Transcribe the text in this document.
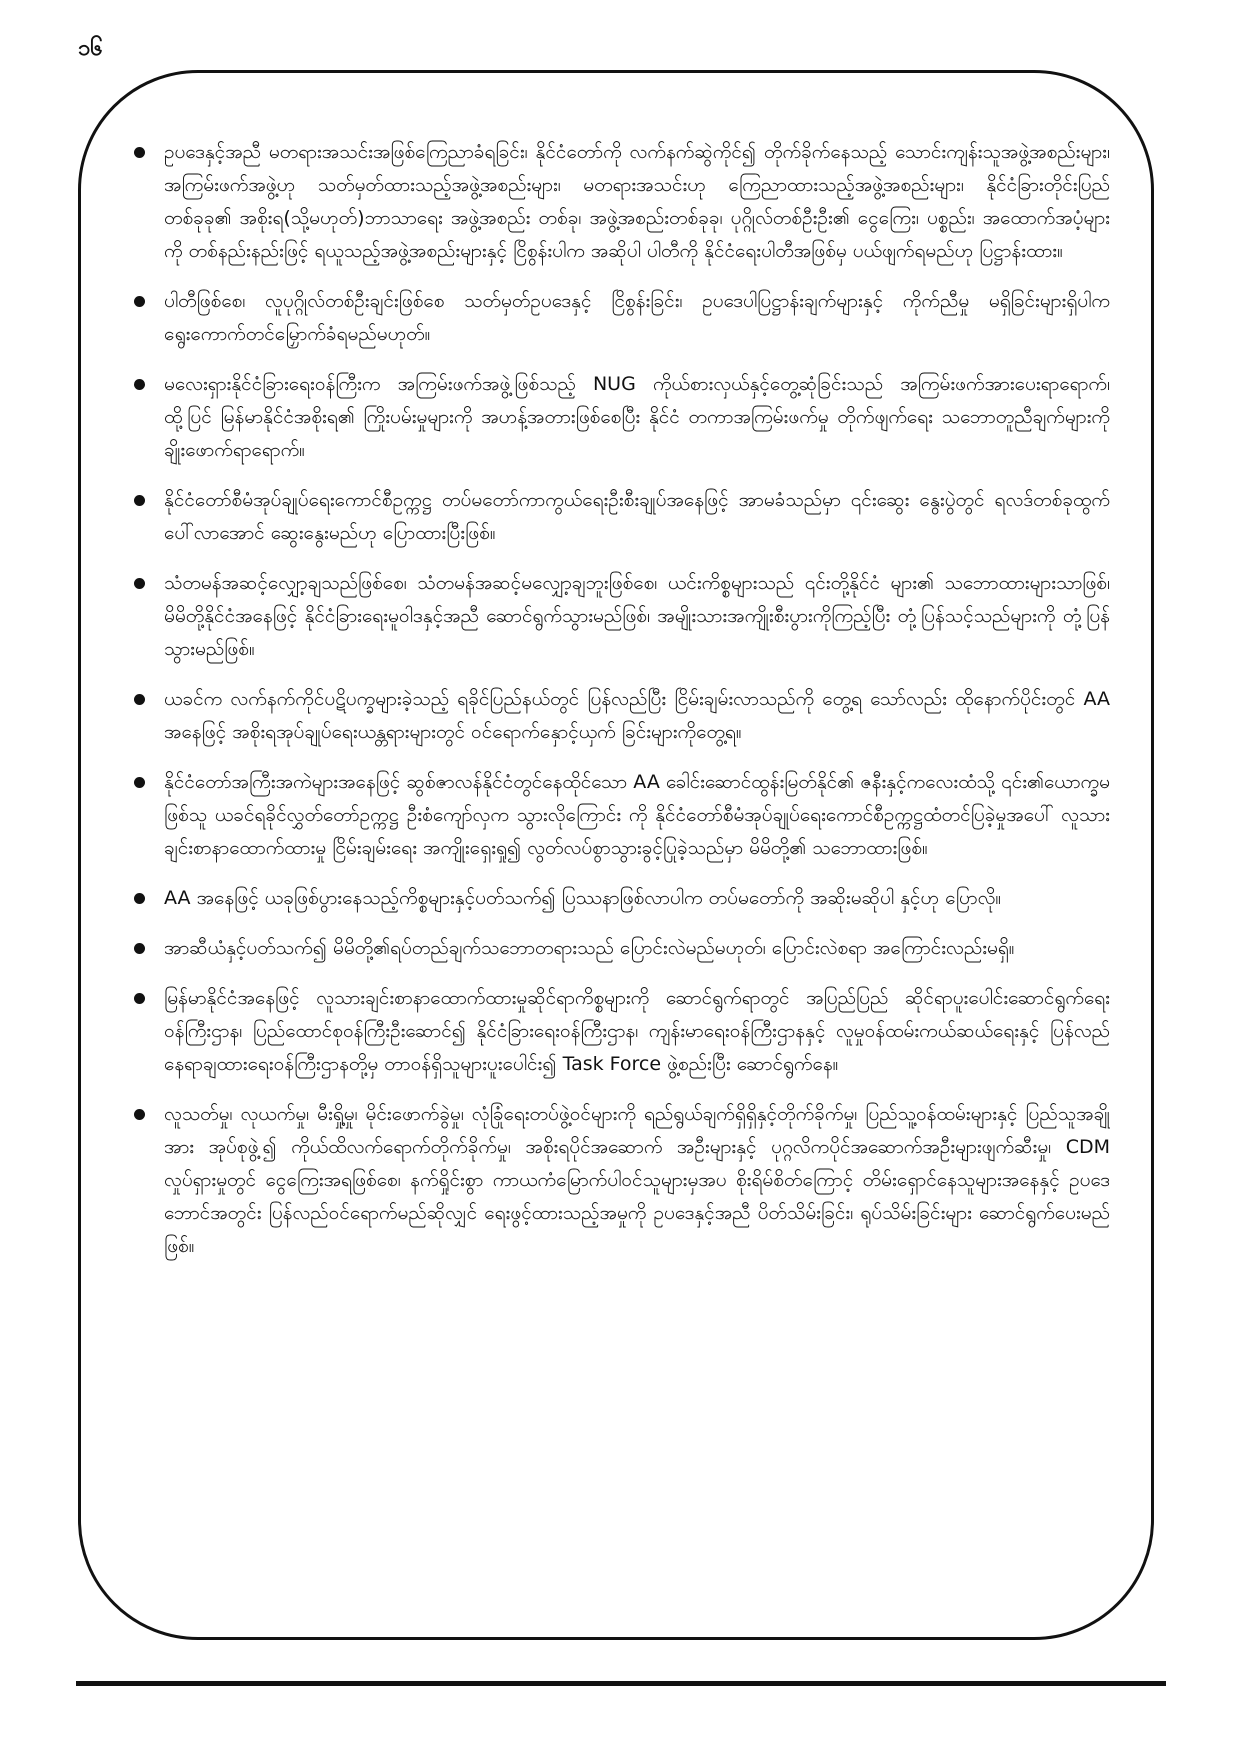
၁၆
ဥပဒေနှင့်အညီ မတရားအသင်းအဖြစ်ကြေညာခံရခြင်း၊ နိုင်ငံတော်ကို လက်နက်ဆွဲကိုင်၍ တိုက်ခိုက်နေသည့် သောင်းကျန်းသူအဖွဲ့အစည်းများ၊ အကြမ်းဖက်အဖွဲ့ဟု သတ်မှတ်ထားသည့်အဖွဲ့အစည်းများ၊ မတရားအသင်းဟု ကြေညာထားသည့်အဖွဲ့အစည်းများ၊ နိုင်ငံခြားတိုင်းပြည်တစ်ခုခု၏ အစိုးရ(သို့မဟုတ်)ဘာသာရေး အဖွဲ့အစည်း တစ်ခု၊ အဖွဲ့အစည်းတစ်ခုခု၊ ပုဂ္ဂိုလ်တစ်ဦးဦး၏ ငွေကြေး၊ ပစ္စည်း၊ အထောက်အပံ့များကို တစ်နည်းနည်းဖြင့် ရယူသည့်အဖွဲ့အစည်းများနှင့် ငြိစွန်းပါက အဆိုပါ ပါတီကို နိုင်ငံရေးပါတီအဖြစ်မှ ပယ်ဖျက်ရမည်ဟု ပြဋ္ဌာန်းထား။
ပါတီဖြစ်စေ၊ လူပုဂ္ဂိုလ်တစ်ဦးချင်းဖြစ်စေ သတ်မှတ်ဥပဒေနှင့် ငြိစွန်းခြင်း၊ ဥပဒေပါပြဋ္ဌာန်းချက်များနှင့် ကိုက်ညီမှု မရှိခြင်းများရှိပါက ရွေးကောက်တင်မြှောက်ခံရမည်မဟုတ်။
မလေးရှားနိုင်ငံခြားရေးဝန်ကြီးက အကြမ်းဖက်အဖွဲ့ဖြစ်သည့် NUG ကိုယ်စားလှယ်နှင့်တွေ့ဆုံခြင်းသည် အကြမ်းဖက်အားပေးရာရောက်၊ ထို့ပြင် မြန်မာနိုင်ငံအစိုးရ၏ ကြိုးပမ်းမှုများကို အဟန့်အတားဖြစ်စေပြီး နိုင်ငံ တကာအကြမ်းဖက်မှု တိုက်ဖျက်ရေး သဘောတူညီချက်များကို ချိုးဖောက်ရာရောက်။
နိုင်ငံတော်စီမံအုပ်ချုပ်ရေးကောင်စီဥက္ကဋ္ဌ တပ်မတော်ကာကွယ်ရေးဦးစီးချုပ်အနေဖြင့် အာမခံသည်မှာ ၎င်းဆွေး နွေးပွဲတွင် ရလဒ်တစ်ခုထွက်ပေါ်လာအောင် ဆွေးနွေးမည်ဟု ပြောထားပြီးဖြစ်။
သံတမန်အဆင့်လျှော့ချသည်ဖြစ်စေ၊ သံတမန်အဆင့်မလျှော့ချဘူးဖြစ်စေ၊ ယင်းကိစ္စများသည် ၎င်းတို့နိုင်ငံ များ၏ သဘောထားများသာဖြစ်၊ မိမိတို့နိုင်ငံအနေဖြင့် နိုင်ငံခြားရေးမူဝါဒနှင့်အညီ ဆောင်ရွက်သွားမည်ဖြစ်၊ အမျိုးသားအကျိုးစီးပွားကိုကြည့်ပြီး တုံ့ပြန်သင့်သည်များကို တုံ့ပြန်သွားမည်ဖြစ်။
ယခင်က လက်နက်ကိုင်ပဋိပက္ခများခဲ့သည့် ရခိုင်ပြည်နယ်တွင် ပြန်လည်ပြီး ငြိမ်းချမ်းလာသည်ကို တွေ့ရ သော်လည်း ထိုနောက်ပိုင်းတွင် AA အနေဖြင့် အစိုးရအုပ်ချုပ်ရေးယန္တရားများတွင် ဝင်ရောက်နှောင့်ယှက် ခြင်းများကိုတွေ့ရ။
နိုင်ငံတော်အကြီးအကဲများအနေဖြင့် ဆွစ်ဇာလန်နိုင်ငံတွင်နေထိုင်သော AA ခေါင်းဆောင်ထွန်းမြတ်နိုင်၏ ဇနီးနှင့်ကလေးထံသို့ ၎င်း၏ယောက္ခမဖြစ်သူ ယခင်ရခိုင်လွှတ်တော်ဥက္ကဋ္ဌ ဦးစံကျော်လှက သွားလိုကြောင်း ကို နိုင်ငံတော်စီမံအုပ်ချုပ်ရေးကောင်စီဥက္ကဋ္ဌထံတင်ပြခဲ့မှုအပေါ် လူသားချင်းစာနာထောက်ထားမှု ငြိမ်းချမ်းရေး အကျိုးရှေးရှု၍ လွတ်လပ်စွာသွားခွင့်ပြုခဲ့သည်မှာ မိမိတို့၏ သဘောထားဖြစ်။
AA အနေဖြင့် ယခုဖြစ်ပွားနေသည့်ကိစ္စများနှင့်ပတ်သက်၍ ပြဿနာဖြစ်လာပါက တပ်မတော်ကို အဆိုးမဆိုပါ နှင့်ဟု ပြောလို။
အာဆီယံနှင့်ပတ်သက်၍ မိမိတို့၏ရပ်တည်ချက်သဘောတရားသည် ပြောင်းလဲမည်မဟုတ်၊ ပြောင်းလဲစရာ အကြောင်းလည်းမရှိ။
မြန်မာနိုင်ငံအနေဖြင့် လူသားချင်းစာနာထောက်ထားမှုဆိုင်ရာကိစ္စများကို ဆောင်ရွက်ရာတွင် အပြည်ပြည် ဆိုင်ရာပူးပေါင်းဆောင်ရွက်ရေးဝန်ကြီးဌာန၊ ပြည်ထောင်စုဝန်ကြီးဦးဆောင်၍ နိုင်ငံခြားရေးဝန်ကြီးဌာန၊ ကျန်းမာရေးဝန်ကြီးဌာနနှင့် လူမှုဝန်ထမ်းကယ်ဆယ်ရေးနှင့် ပြန်လည်နေရာချထားရေးဝန်ကြီးဌာနတို့မှ တာဝန်ရှိသူများပူးပေါင်း၍ Task Force ဖွဲ့စည်းပြီး ဆောင်ရွက်နေ။
လူသတ်မှု၊ လုယက်မှု၊ မီးရှို့မှု၊ မိုင်းဖောက်ခွဲမှု၊ လုံခြုံရေးတပ်ဖွဲ့ဝင်များကို ရည်ရွယ်ချက်ရှိရှိနှင့်တိုက်ခိုက်မှု၊ ပြည်သူ့ဝန်ထမ်းများနှင့် ပြည်သူအချို့အား အုပ်စုဖွဲ့၍ ကိုယ်ထိလက်ရောက်တိုက်ခိုက်မှု၊ အစိုးရပိုင်အဆောက် အဦးများနှင့် ပုဂ္ဂလိကပိုင်အဆောက်အဦးများဖျက်ဆီးမှု၊ CDM လှုပ်ရှားမှုတွင် ငွေကြေးအရဖြစ်စေ၊ နက်ရှိုင်းစွာ ကာယကံမြောက်ပါဝင်သူများမှအပ စိုးရိမ်စိတ်ကြောင့် တိမ်းရှောင်နေသူများအနေနှင့် ဥပဒေဘောင်အတွင်း ပြန်လည်ဝင်ရောက်မည်ဆိုလျှင် ရေးဖွင့်ထားသည့်အမှုကို ဥပဒေနှင့်အညီ ပိတ်သိမ်းခြင်း၊ ရုပ်သိမ်းခြင်းများ ဆောင်ရွက်ပေးမည်ဖြစ်။
